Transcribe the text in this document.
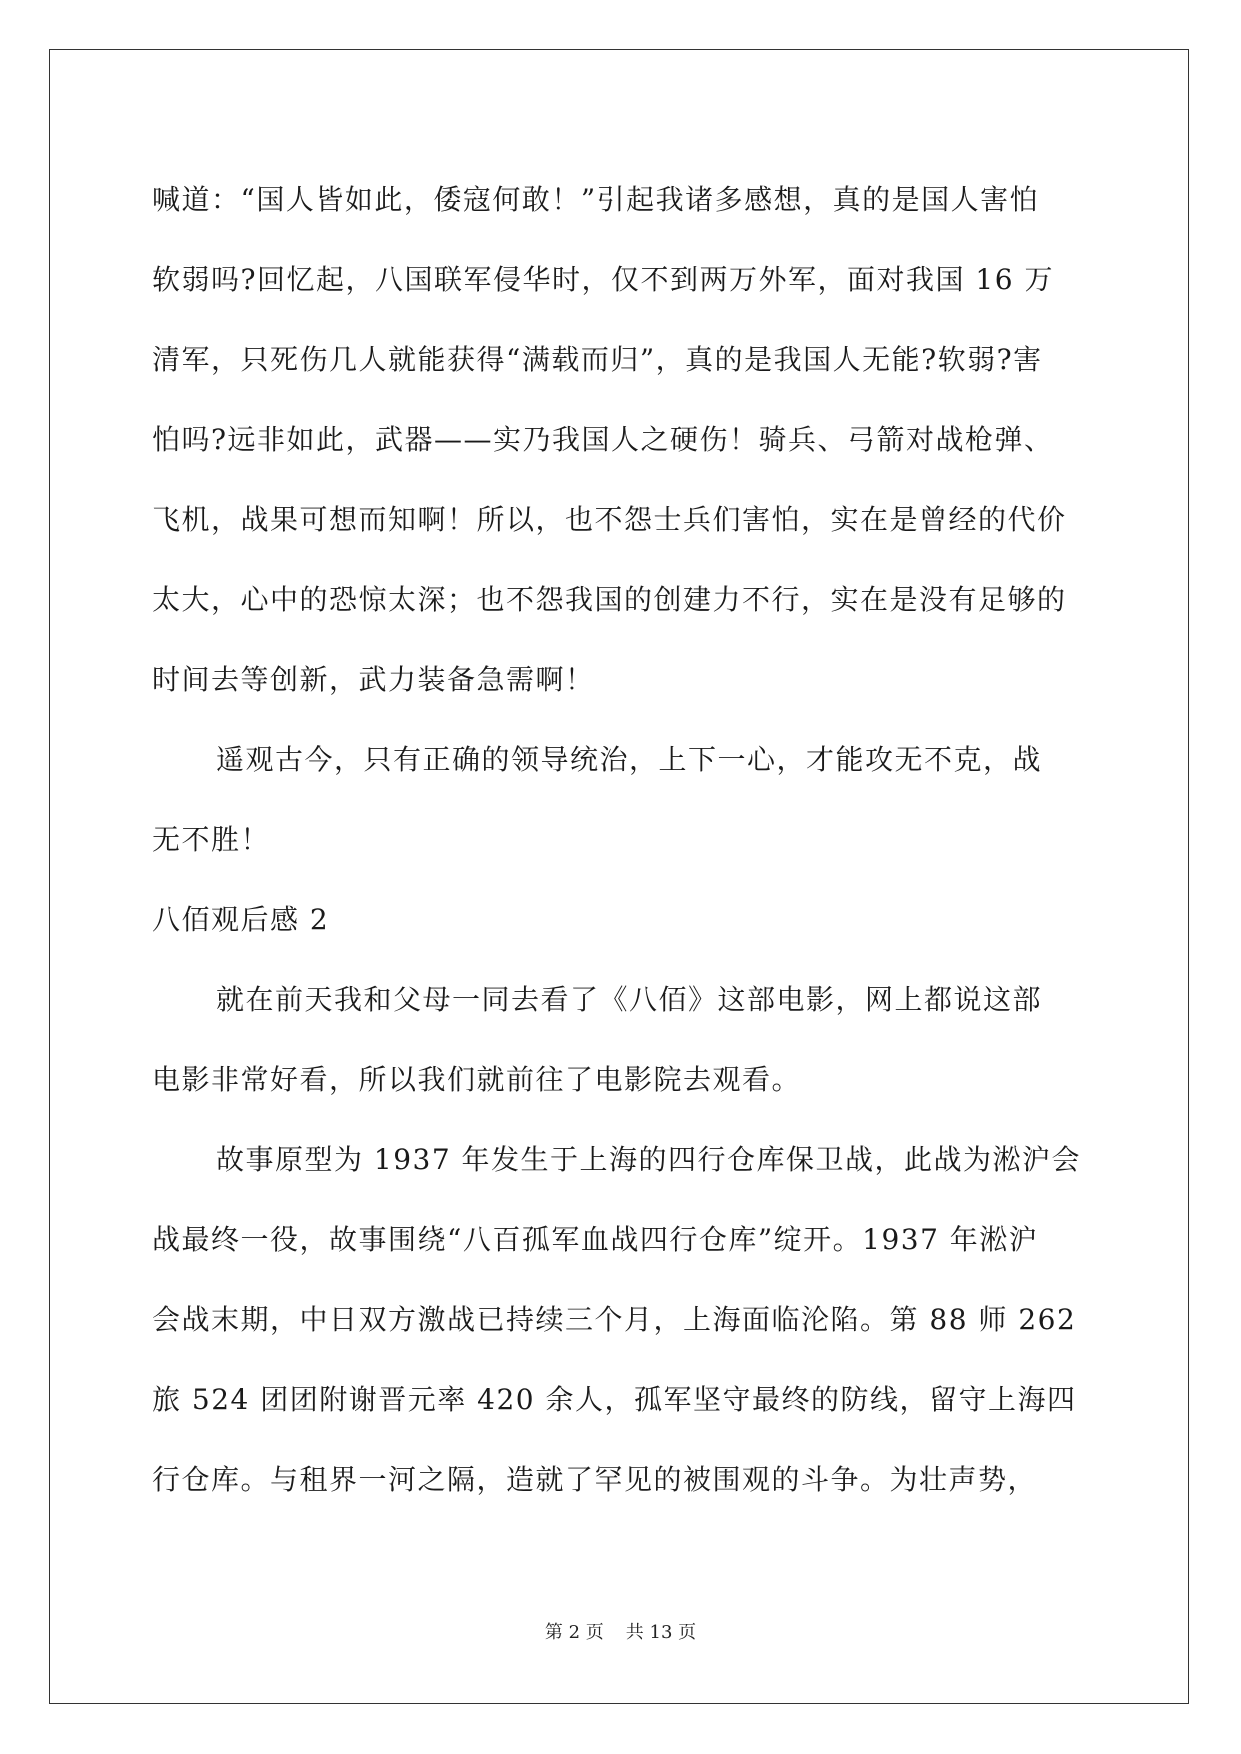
喊道：“国人皆如此，倭寇何敢！”引起我诸多感想，真的是国人害怕
软弱吗?回忆起，八国联军侵华时，仅不到两万外军，面对我国 16 万
清军，只死伤几人就能获得“满载而归”，真的是我国人无能?软弱?害
怕吗?远非如此，武器——实乃我国人之硬伤！骑兵、弓箭对战枪弹、
飞机，战果可想而知啊！所以，也不怨士兵们害怕，实在是曾经的代价
太大，心中的恐惊太深；也不怨我国的创建力不行，实在是没有足够的
时间去等创新，武力装备急需啊！
遥观古今，只有正确的领导统治，上下一心，才能攻无不克，战
无不胜！
八佰观后感 2
就在前天我和父母一同去看了《八佰》这部电影，网上都说这部
电影非常好看，所以我们就前往了电影院去观看。
故事原型为 1937 年发生于上海的四行仓库保卫战，此战为淞沪会
战最终一役，故事围绕“八百孤军血战四行仓库”绽开。1937 年淞沪
会战末期，中日双方激战已持续三个月，上海面临沦陷。第 88 师 262
旅 524 团团附谢晋元率 420 余人，孤军坚守最终的防线，留守上海四
行仓库。与租界一河之隔，造就了罕见的被围观的斗争。为壮声势，
第 2 页 共 13 页
